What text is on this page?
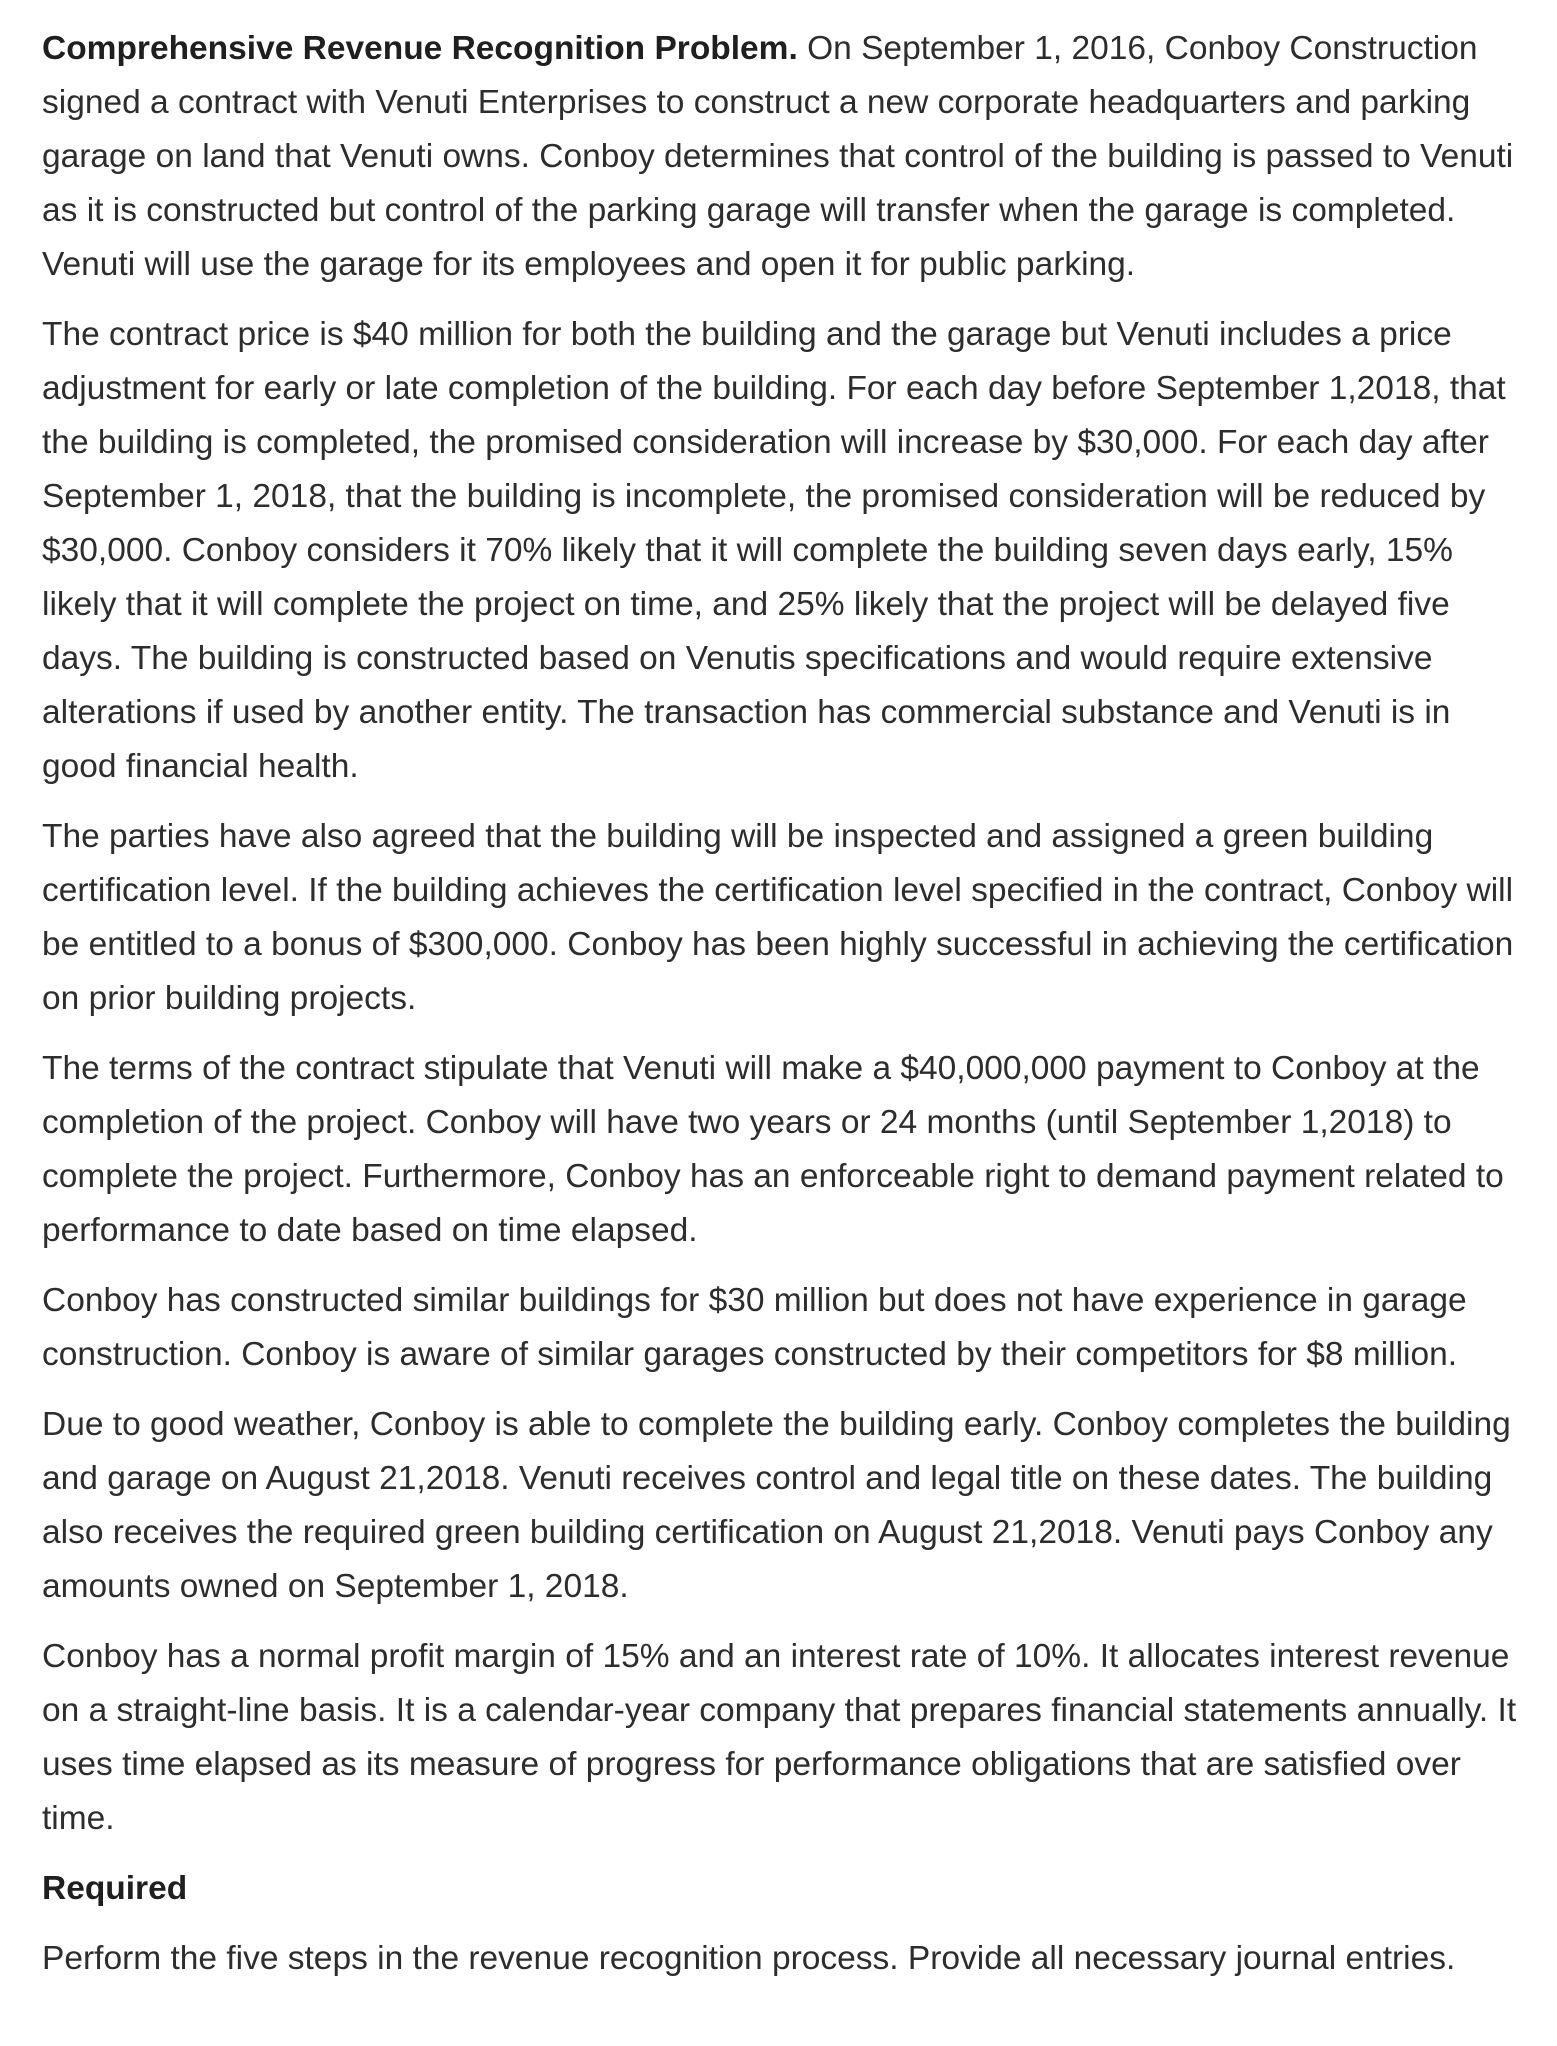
Comprehensive Revenue Recognition Problem. On September 1, 2016, Conboy Construction signed a contract with Venuti Enterprises to construct a new corporate headquarters and parking garage on land that Venuti owns. Conboy determines that control of the building is passed to Venuti as it is constructed but control of the parking garage will transfer when the garage is completed. Venuti will use the garage for its employees and open it for public parking.

The contract price is $40 million for both the building and the garage but Venuti includes a price adjustment for early or late completion of the building. For each day before September 1,2018, that the building is completed, the promised consideration will increase by $30,000. For each day after September 1, 2018, that the building is incomplete, the promised consideration will be reduced by $30,000. Conboy considers it 70% likely that it will complete the building seven days early, 15% likely that it will complete the project on time, and 25% likely that the project will be delayed five days. The building is constructed based on Venutis specifications and would require extensive alterations if used by another entity. The transaction has commercial substance and Venuti is in good financial health.

The parties have also agreed that the building will be inspected and assigned a green building certification level. If the building achieves the certification level specified in the contract, Conboy will be entitled to a bonus of $300,000. Conboy has been highly successful in achieving the certification on prior building projects.

The terms of the contract stipulate that Venuti will make a $40,000,000 payment to Conboy at the completion of the project. Conboy will have two years or 24 months (until September 1,2018) to complete the project. Furthermore, Conboy has an enforceable right to demand payment related to performance to date based on time elapsed.

Conboy has constructed similar buildings for $30 million but does not have experience in garage construction. Conboy is aware of similar garages constructed by their competitors for $8 million.

Due to good weather, Conboy is able to complete the building early. Conboy completes the building and garage on August 21,2018. Venuti receives control and legal title on these dates. The building also receives the required green building certification on August 21,2018. Venuti pays Conboy any amounts owned on September 1, 2018.

Conboy has a normal profit margin of 15% and an interest rate of 10%. It allocates interest revenue on a straight-line basis. It is a calendar-year company that prepares financial statements annually. It uses time elapsed as its measure of progress for performance obligations that are satisfied over time.

Required

Perform the five steps in the revenue recognition process. Provide all necessary journal entries.
